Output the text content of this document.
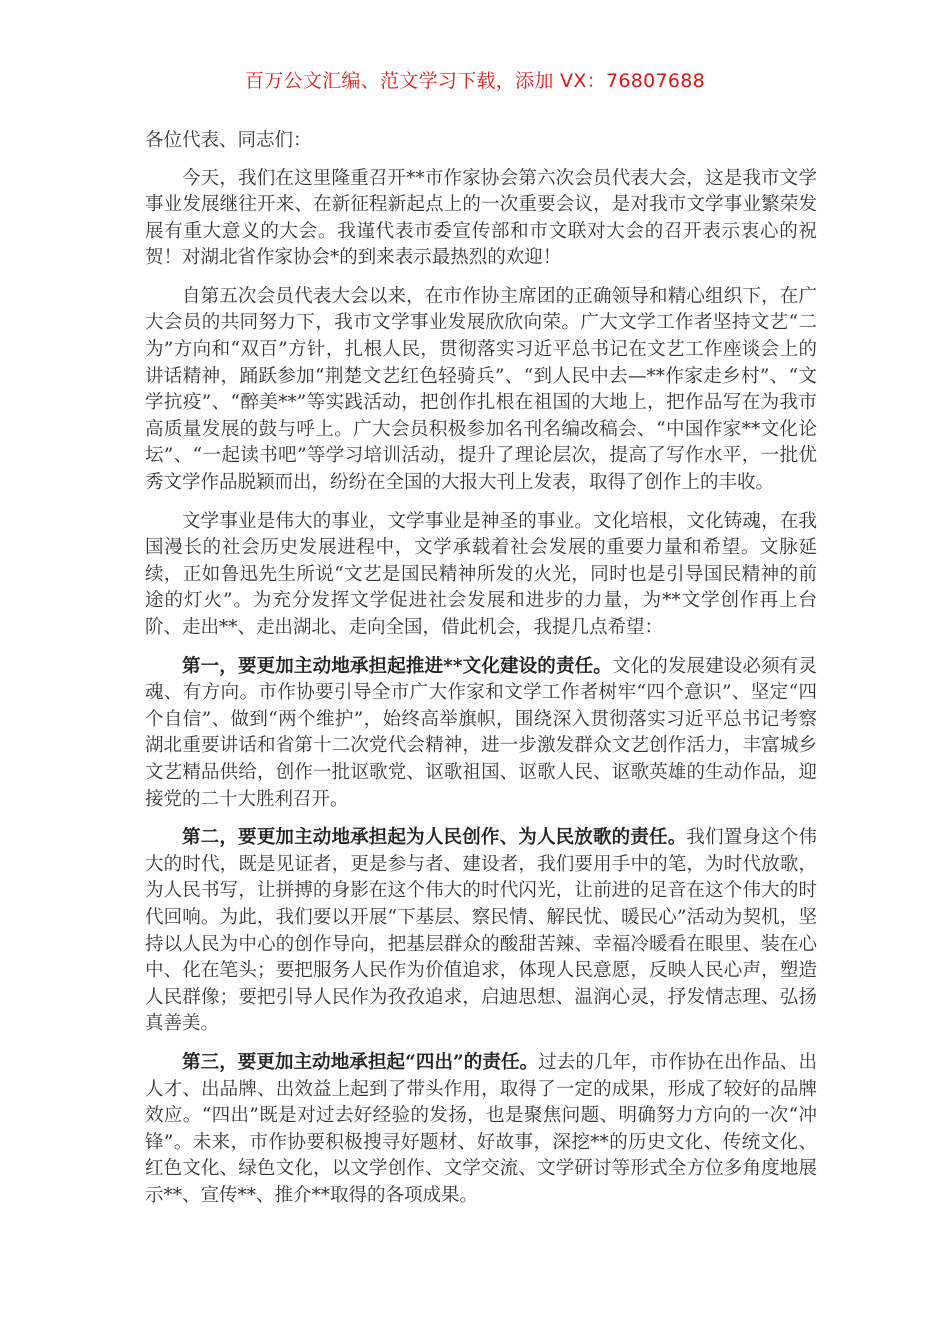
百万公文汇编、范文学习下载，添加 VX：76807688

各位代表、同志们：

今天，我们在这里隆重召开**市作家协会第六次会员代表大会，这是我市文学事业发展继往开来、在新征程新起点上的一次重要会议，是对我市文学事业繁荣发展有重大意义的大会。我谨代表市委宣传部和市文联对大会的召开表示衷心的祝贺！对湖北省作家协会*的到来表示最热烈的欢迎！

自第五次会员代表大会以来，在市作协主席团的正确领导和精心组织下，在广大会员的共同努力下，我市文学事业发展欣欣向荣。广大文学工作者坚持文艺“二为”方向和“双百”方针，扎根人民，贯彻落实习近平总书记在文艺工作座谈会上的讲话精神，踊跃参加“荆楚文艺红色轻骑兵”、“到人民中去—**作家走乡村”、“文学抗疫”、“醉美**”等实践活动，把创作扎根在祖国的大地上，把作品写在为我市高质量发展的鼓与呼上。广大会员积极参加名刊名编改稿会、“中国作家**文化论坛”、“一起读书吧”等学习培训活动，提升了理论层次，提高了写作水平，一批优秀文学作品脱颖而出，纷纷在全国的大报大刊上发表，取得了创作上的丰收。

文学事业是伟大的事业，文学事业是神圣的事业。文化培根，文化铸魂，在我国漫长的社会历史发展进程中，文学承载着社会发展的重要力量和希望。文脉延续，正如鲁迅先生所说“文艺是国民精神所发的火光，同时也是引导国民精神的前途的灯火”。为充分发挥文学促进社会发展和进步的力量，为**文学创作再上台阶、走出**、走出湖北、走向全国，借此机会，我提几点希望：

第一，要更加主动地承担起推进**文化建设的责任。文化的发展建设必须有灵魂、有方向。市作协要引导全市广大作家和文学工作者树牢“四个意识”、坚定“四个自信”、做到“两个维护”，始终高举旗帜，围绕深入贯彻落实习近平总书记考察湖北重要讲话和省第十二次党代会精神，进一步激发群众文艺创作活力，丰富城乡文艺精品供给，创作一批讴歌党、讴歌祖国、讴歌人民、讴歌英雄的生动作品，迎接党的二十大胜利召开。

第二，要更加主动地承担起为人民创作、为人民放歌的责任。我们置身这个伟大的时代，既是见证者，更是参与者、建设者，我们要用手中的笔，为时代放歌，为人民书写，让拼搏的身影在这个伟大的时代闪光，让前进的足音在这个伟大的时代回响。为此，我们要以开展“下基层、察民情、解民忧、暖民心”活动为契机，坚持以人民为中心的创作导向，把基层群众的酸甜苦辣、幸福冷暖看在眼里、装在心中、化在笔头；要把服务人民作为价值追求，体现人民意愿，反映人民心声，塑造人民群像；要把引导人民作为孜孜追求，启迪思想、温润心灵，抒发情志理、弘扬真善美。

第三，要更加主动地承担起“四出”的责任。过去的几年，市作协在出作品、出人才、出品牌、出效益上起到了带头作用，取得了一定的成果，形成了较好的品牌效应。“四出”既是对过去好经验的发扬，也是聚焦问题、明确努力方向的一次“冲锋”。未来，市作协要积极搜寻好题材、好故事，深挖**的历史文化、传统文化、红色文化、绿色文化，以文学创作、文学交流、文学研讨等形式全方位多角度地展示**、宣传**、推介**取得的各项成果。
